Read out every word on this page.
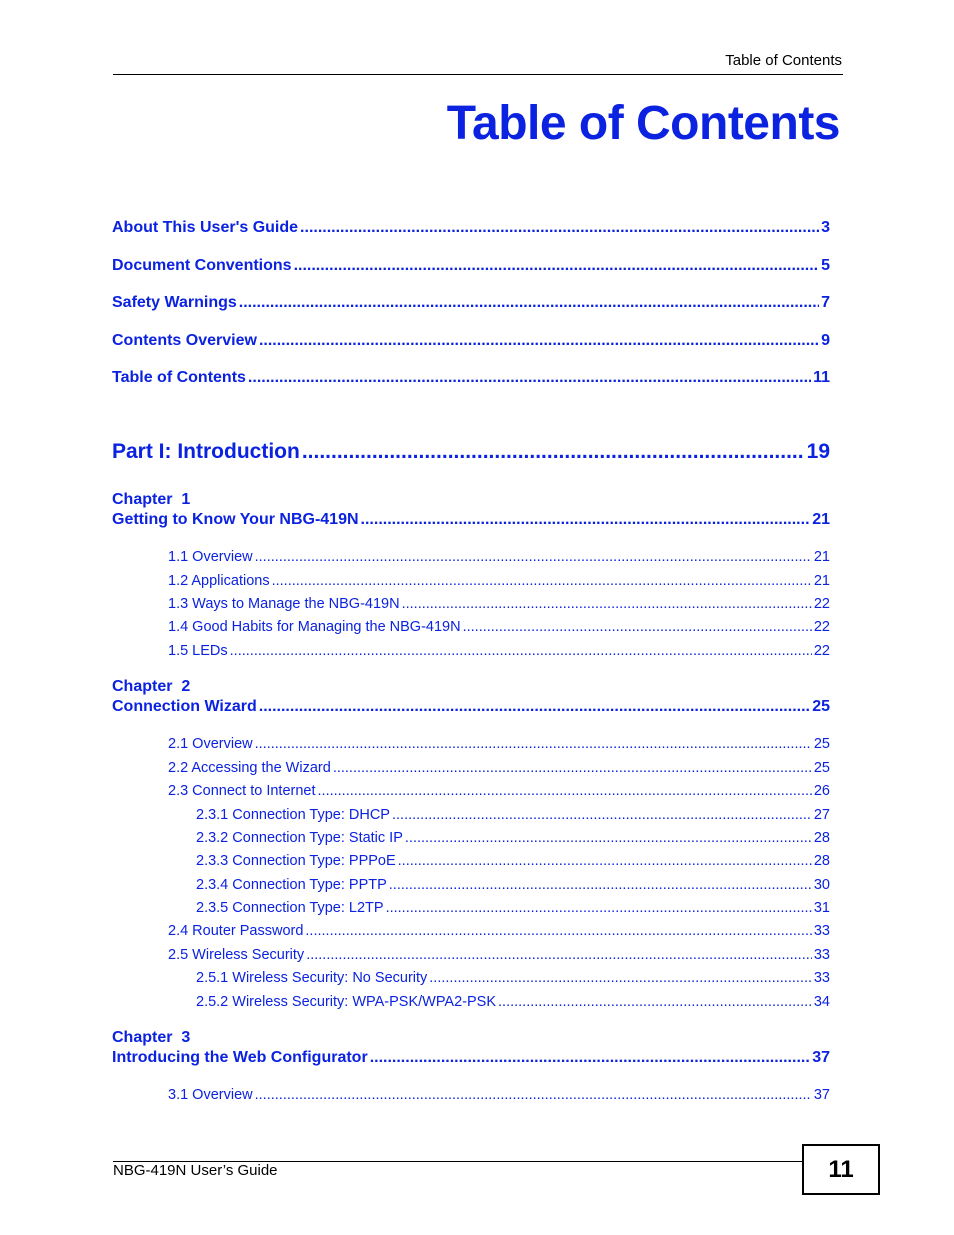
Table of Contents
Table of Contents
About This User's Guide .....	3
Document Conventions .....	5
Safety Warnings .....	7
Contents Overview .....	9
Table of Contents .....	11
Part I: Introduction .....	19
Chapter  1
Getting to Know Your NBG-419N .....	21
1.1 Overview .....	21
1.2 Applications .....	21
1.3 Ways to Manage the NBG-419N .....	22
1.4 Good Habits for Managing the NBG-419N .....	22
1.5 LEDs .....	22
Chapter  2
Connection Wizard .....	25
2.1 Overview .....	25
2.2 Accessing the Wizard .....	25
2.3 Connect to Internet .....	26
2.3.1 Connection Type: DHCP .....	27
2.3.2 Connection Type: Static IP .....	28
2.3.3 Connection Type: PPPoE .....	28
2.3.4 Connection Type: PPTP .....	30
2.3.5 Connection Type: L2TP .....	31
2.4 Router Password .....	33
2.5 Wireless Security .....	33
2.5.1 Wireless Security: No Security .....	33
2.5.2 Wireless Security: WPA-PSK/WPA2-PSK .....	34
Chapter  3
Introducing the Web Configurator .....	37
3.1 Overview .....	37
NBG-419N User’s Guide	11
